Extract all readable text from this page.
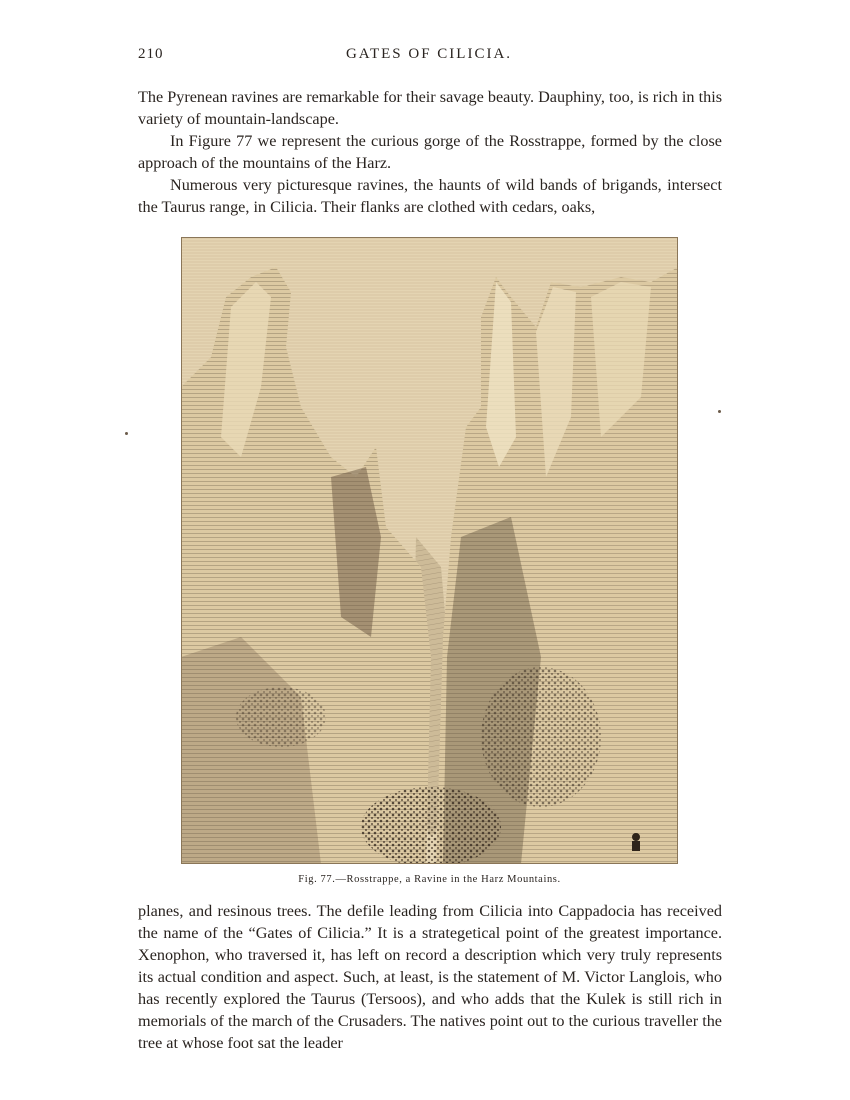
210	GATES OF CILICIA.

The Pyrenean ravines are remarkable for their savage beauty. Dauphiny, too, is rich in this variety of mountain-landscape.

In Figure 77 we represent the curious gorge of the Rosstrappe, formed by the close approach of the mountains of the Harz.

Numerous very picturesque ravines, the haunts of wild bands of brigands, intersect the Taurus range, in Cilicia. Their flanks are clothed with cedars, oaks,

Fig. 77.—Rosstrappe, a Ravine in the Harz Mountains.

planes, and resinous trees. The defile leading from Cilicia into Cappadocia has received the name of the “Gates of Cilicia.” It is a strategetical point of the greatest importance. Xenophon, who traversed it, has left on record a description which very truly represents its actual condition and aspect. Such, at least, is the statement of M. Victor Langlois, who has recently explored the Taurus (Tersoos), and who adds that the Kulek is still rich in memorials of the march of the Crusaders. The natives point out to the curious traveller the tree at whose foot sat the leader
